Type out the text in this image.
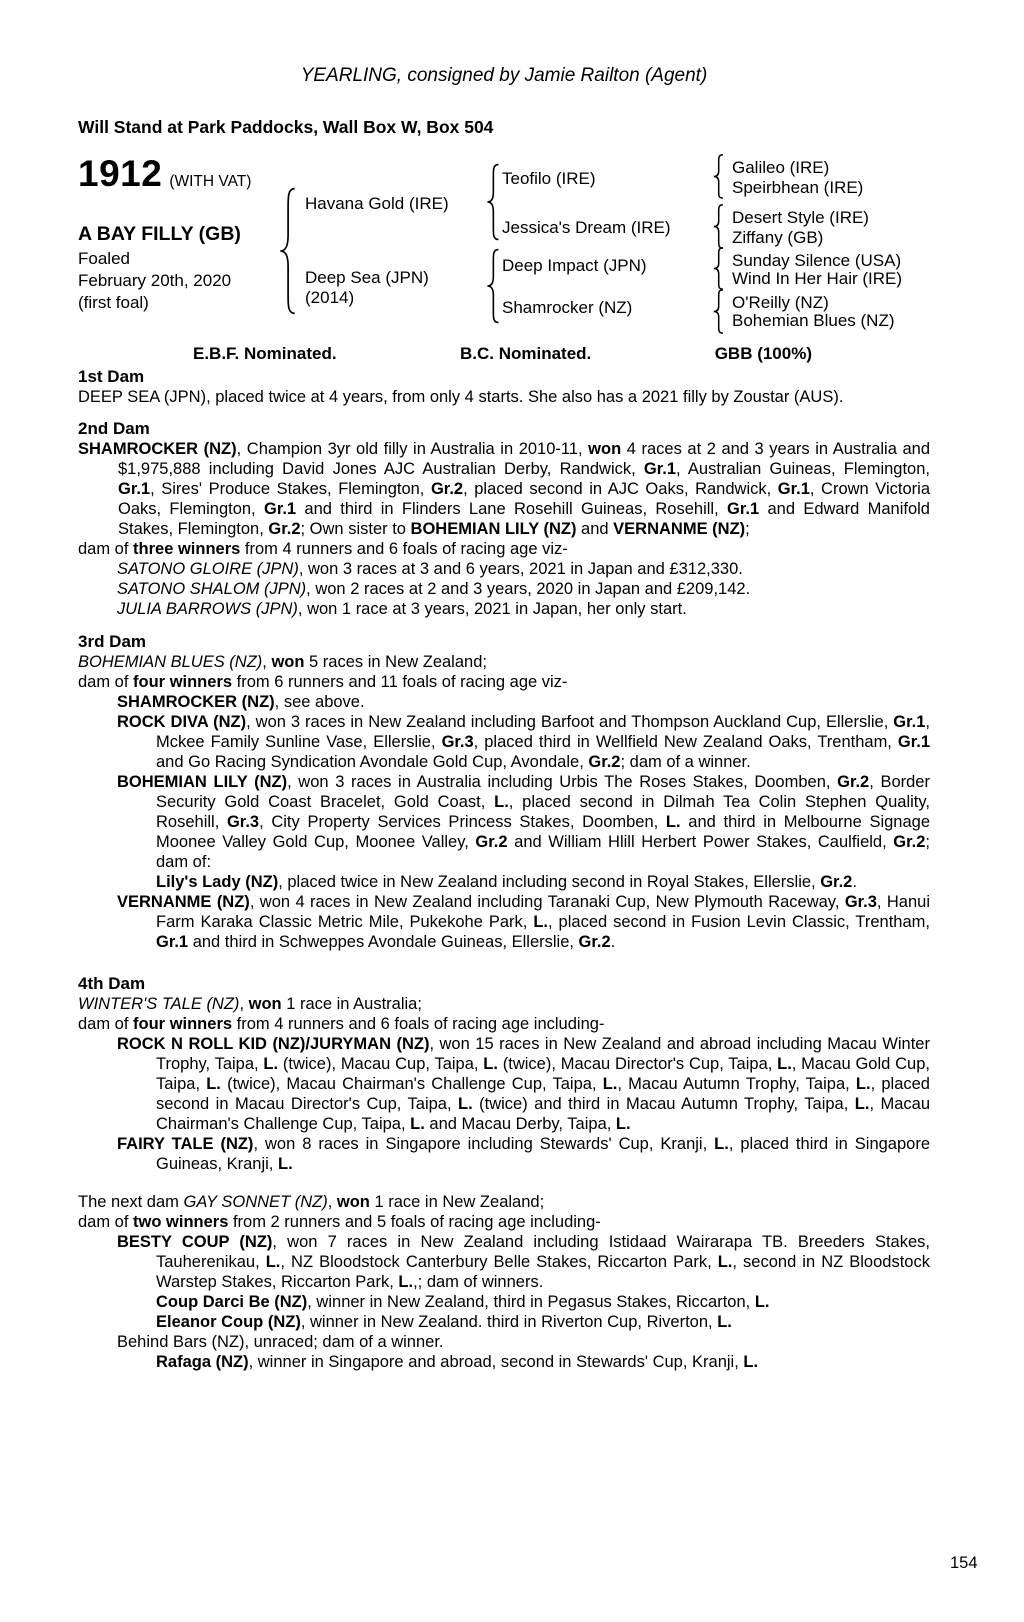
YEARLING, consigned by Jamie Railton (Agent)
Will Stand at Park Paddocks, Wall Box W, Box 504
1912 (WITH VAT)
A BAY FILLY (GB)
Foaled
February 20th, 2020
(first foal)
Havana Gold (IRE)
Deep Sea (JPN)
(2014)
Teofilo (IRE)
Jessica's Dream (IRE)
Deep Impact (JPN)
Shamrocker (NZ)
Galileo (IRE)
Speirbhean (IRE)
Desert Style (IRE)
Ziffany (GB)
Sunday Silence (USA)
Wind In Her Hair (IRE)
O'Reilly (NZ)
Bohemian Blues (NZ)
E.B.F. Nominated.	B.C. Nominated.	GBB (100%)
1st Dam

DEEP SEA (JPN), placed twice at 4 years, from only 4 starts. She also has a 2021 filly by Zoustar (AUS).

2nd Dam

SHAMROCKER (NZ), Champion 3yr old filly in Australia in 2010-11, won 4 races at 2 and 3 years in Australia and $1,975,888 including David Jones AJC Australian Derby, Randwick, Gr.1, Australian Guineas, Flemington, Gr.1, Sires' Produce Stakes, Flemington, Gr.2, placed second in AJC Oaks, Randwick, Gr.1, Crown Victoria Oaks, Flemington, Gr.1 and third in Flinders Lane Rosehill Guineas, Rosehill, Gr.1 and Edward Manifold Stakes, Flemington, Gr.2; Own sister to BOHEMIAN LILY (NZ) and VERNANME (NZ);

dam of three winners from 4 runners and 6 foals of racing age viz-

SATONO GLOIRE (JPN), won 3 races at 3 and 6 years, 2021 in Japan and £312,330.

SATONO SHALOM (JPN), won 2 races at 2 and 3 years, 2020 in Japan and £209,142.

JULIA BARROWS (JPN), won 1 race at 3 years, 2021 in Japan, her only start.

3rd Dam

BOHEMIAN BLUES (NZ), won 5 races in New Zealand;

dam of four winners from 6 runners and 11 foals of racing age viz-

SHAMROCKER (NZ), see above.

ROCK DIVA (NZ), won 3 races in New Zealand including Barfoot and Thompson Auckland Cup, Ellerslie, Gr.1, Mckee Family Sunline Vase, Ellerslie, Gr.3, placed third in Wellfield New Zealand Oaks, Trentham, Gr.1 and Go Racing Syndication Avondale Gold Cup, Avondale, Gr.2; dam of a winner.

BOHEMIAN LILY (NZ), won 3 races in Australia including Urbis The Roses Stakes, Doomben, Gr.2, Border Security Gold Coast Bracelet, Gold Coast, L., placed second in Dilmah Tea Colin Stephen Quality, Rosehill, Gr.3, City Property Services Princess Stakes, Doomben, L. and third in Melbourne Signage Moonee Valley Gold Cup, Moonee Valley, Gr.2 and William Hlill Herbert Power Stakes, Caulfield, Gr.2; dam of:

Lily's Lady (NZ), placed twice in New Zealand including second in Royal Stakes, Ellerslie, Gr.2.

VERNANME (NZ), won 4 races in New Zealand including Taranaki Cup, New Plymouth Raceway, Gr.3, Hanui Farm Karaka Classic Metric Mile, Pukekohe Park, L., placed second in Fusion Levin Classic, Trentham, Gr.1 and third in Schweppes Avondale Guineas, Ellerslie, Gr.2.

4th Dam

WINTER'S TALE (NZ), won 1 race in Australia;

dam of four winners from 4 runners and 6 foals of racing age including-

ROCK N ROLL KID (NZ)/JURYMAN (NZ), won 15 races in New Zealand and abroad including Macau Winter Trophy, Taipa, L. (twice), Macau Cup, Taipa, L. (twice), Macau Director's Cup, Taipa, L., Macau Gold Cup, Taipa, L. (twice), Macau Chairman's Challenge Cup, Taipa, L., Macau Autumn Trophy, Taipa, L., placed second in Macau Director's Cup, Taipa, L. (twice) and third in Macau Autumn Trophy, Taipa, L., Macau Chairman's Challenge Cup, Taipa, L. and Macau Derby, Taipa, L.

FAIRY TALE (NZ), won 8 races in Singapore including Stewards' Cup, Kranji, L., placed third in Singapore Guineas, Kranji, L.

The next dam GAY SONNET (NZ), won 1 race in New Zealand;

dam of two winners from 2 runners and 5 foals of racing age including-

BESTY COUP (NZ), won 7 races in New Zealand including Istidaad Wairarapa TB. Breeders Stakes, Tauherenikau, L., NZ Bloodstock Canterbury Belle Stakes, Riccarton Park, L., second in NZ Bloodstock Warstep Stakes, Riccarton Park, L.,; dam of winners.

Coup Darci Be (NZ), winner in New Zealand, third in Pegasus Stakes, Riccarton, L.

Eleanor Coup (NZ), winner in New Zealand. third in Riverton Cup, Riverton, L.

Behind Bars (NZ), unraced; dam of a winner.

Rafaga (NZ), winner in Singapore and abroad, second in Stewards' Cup, Kranji, L.

154
